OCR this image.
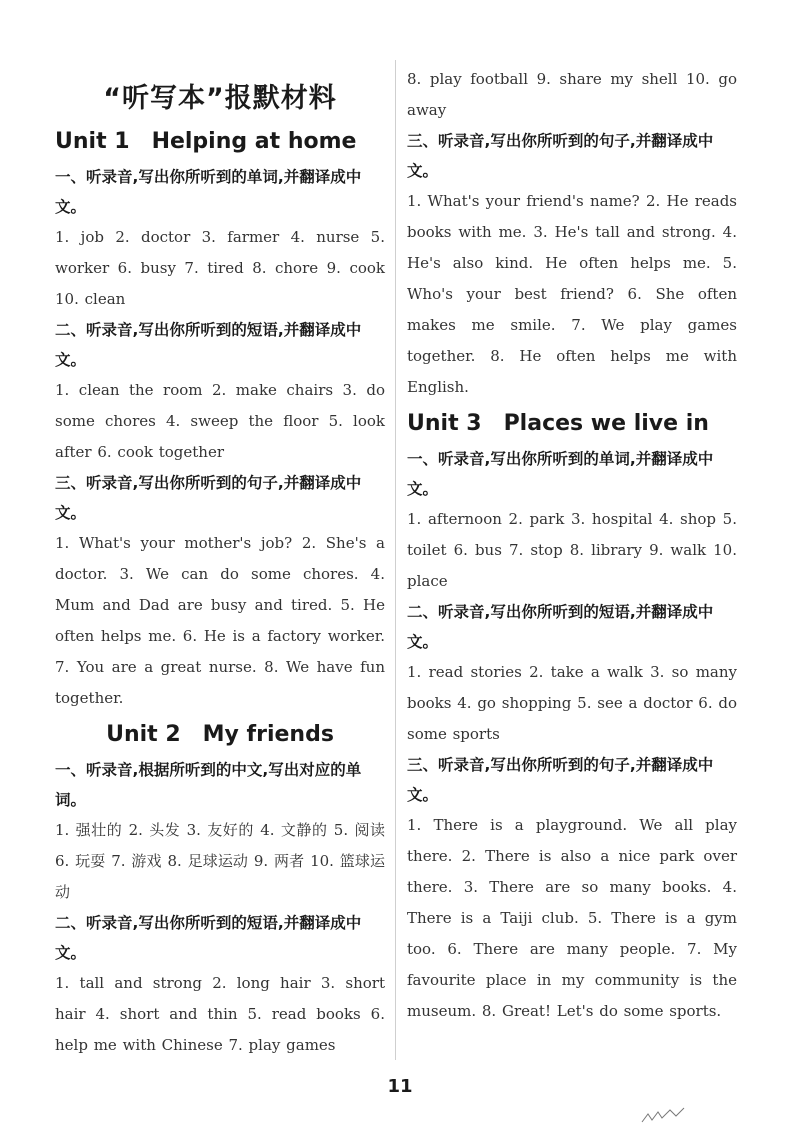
“听写本”报默材料
Unit 1 Helping at home

一、听录音,写出你所听到的单词,并翻译成中文。

1. job 2. doctor 3. farmer 4. nurse 5. worker 6. busy 7. tired 8. chore 9. cook 10. clean

二、听录音,写出你所听到的短语,并翻译成中文。

1. clean the room 2. make chairs 3. do some chores 4. sweep the floor 5. look after 6. cook together

三、听录音,写出你所听到的句子,并翻译成中文。

1. What's your mother's job? 2. She's a doctor. 3. We can do some chores. 4. Mum and Dad are busy and tired. 5. He often helps me. 6. He is a factory worker. 7. You are a great nurse. 8. We have fun together.

Unit 2 My friends

一、听录音,根据所听到的中文,写出对应的单词。

1. 强壮的 2. 头发 3. 友好的 4. 文静的 5. 阅读 6. 玩耍 7. 游戏 8. 足球运动 9. 两者 10. 篮球运动

二、听录音,写出你所听到的短语,并翻译成中文。

1. tall and strong 2. long hair 3. short hair 4. short and thin 5. read books 6. help me with Chinese 7. play games

8. play football 9. share my shell 10. go away

三、听录音,写出你所听到的句子,并翻译成中文。

1. What's your friend's name? 2. He reads books with me. 3. He's tall and strong. 4. He's also kind. He often helps me. 5. Who's your best friend? 6. She often makes me smile. 7. We play games together. 8. He often helps me with English.

Unit 3 Places we live in

一、听录音,写出你所听到的单词,并翻译成中文。

1. afternoon 2. park 3. hospital 4. shop 5. toilet 6. bus 7. stop 8. library 9. walk 10. place

二、听录音,写出你所听到的短语,并翻译成中文。

1. read stories 2. take a walk 3. so many books 4. go shopping 5. see a doctor 6. do some sports

三、听录音,写出你所听到的句子,并翻译成中文。

1. There is a playground. We all play there. 2. There is also a nice park over there. 3. There are so many books. 4. There is a Taiji club. 5. There is a gym too. 6. There are many people. 7. My favourite place in my community is the museum. 8. Great! Let's do some sports.

11
